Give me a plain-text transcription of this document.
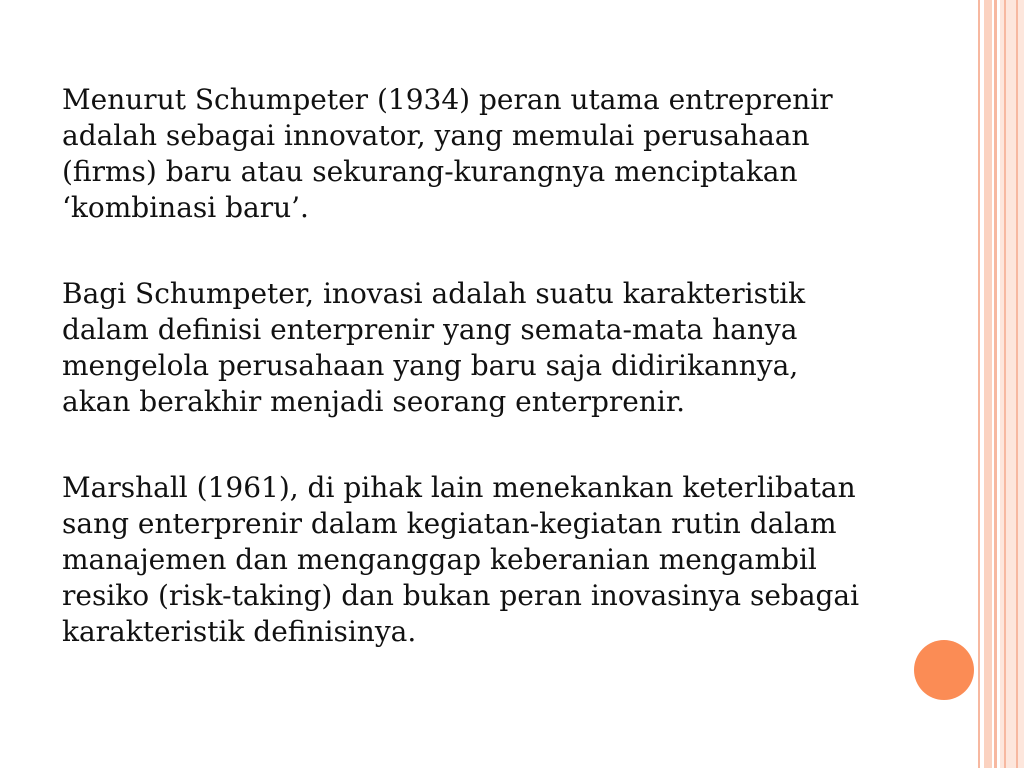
Menurut Schumpeter (1934) peran utama entreprenir
adalah sebagai innovator, yang memulai perusahaan
(firms) baru atau sekurang-kurangnya menciptakan
‘kombinasi baru’.

Bagi Schumpeter, inovasi adalah suatu karakteristik
dalam definisi enterprenir yang semata-mata hanya
mengelola perusahaan yang baru saja didirikannya,
akan berakhir menjadi seorang enterprenir.

Marshall (1961), di pihak lain menekankan keterlibatan
sang enterprenir dalam kegiatan-kegiatan rutin dalam
manajemen dan menganggap keberanian mengambil
resiko (risk-taking) dan bukan peran inovasinya sebagai
karakteristik definisinya.
